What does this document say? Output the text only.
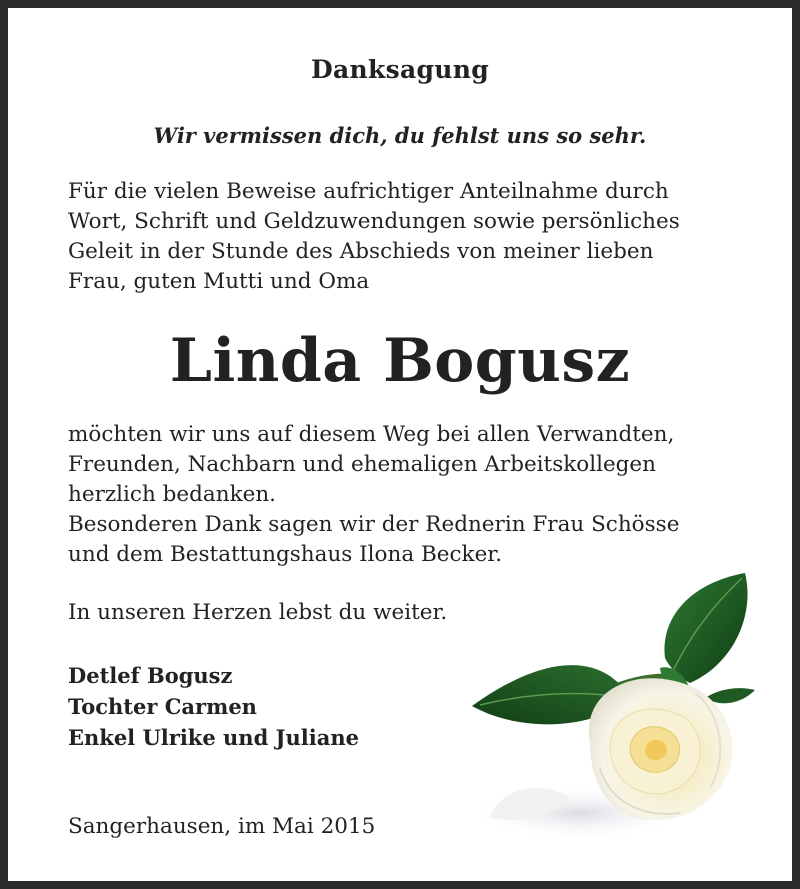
Danksagung
Wir vermissen dich, du fehlst uns so sehr.
Für die vielen Beweise aufrichtiger Anteilnahme durch
Wort, Schrift und Geldzuwendungen sowie persönliches
Geleit in der Stunde des Abschieds von meiner lieben
Frau, guten Mutti und Oma
Linda Bogusz
möchten wir uns auf diesem Weg bei allen Verwandten,
Freunden, Nachbarn und ehemaligen Arbeitskollegen
herzlich bedanken.
Besonderen Dank sagen wir der Rednerin Frau Schösse
und dem Bestattungshaus Ilona Becker.
In unseren Herzen lebst du weiter.
Detlef Bogusz
Tochter Carmen
Enkel Ulrike und Juliane
Sangerhausen, im Mai 2015
